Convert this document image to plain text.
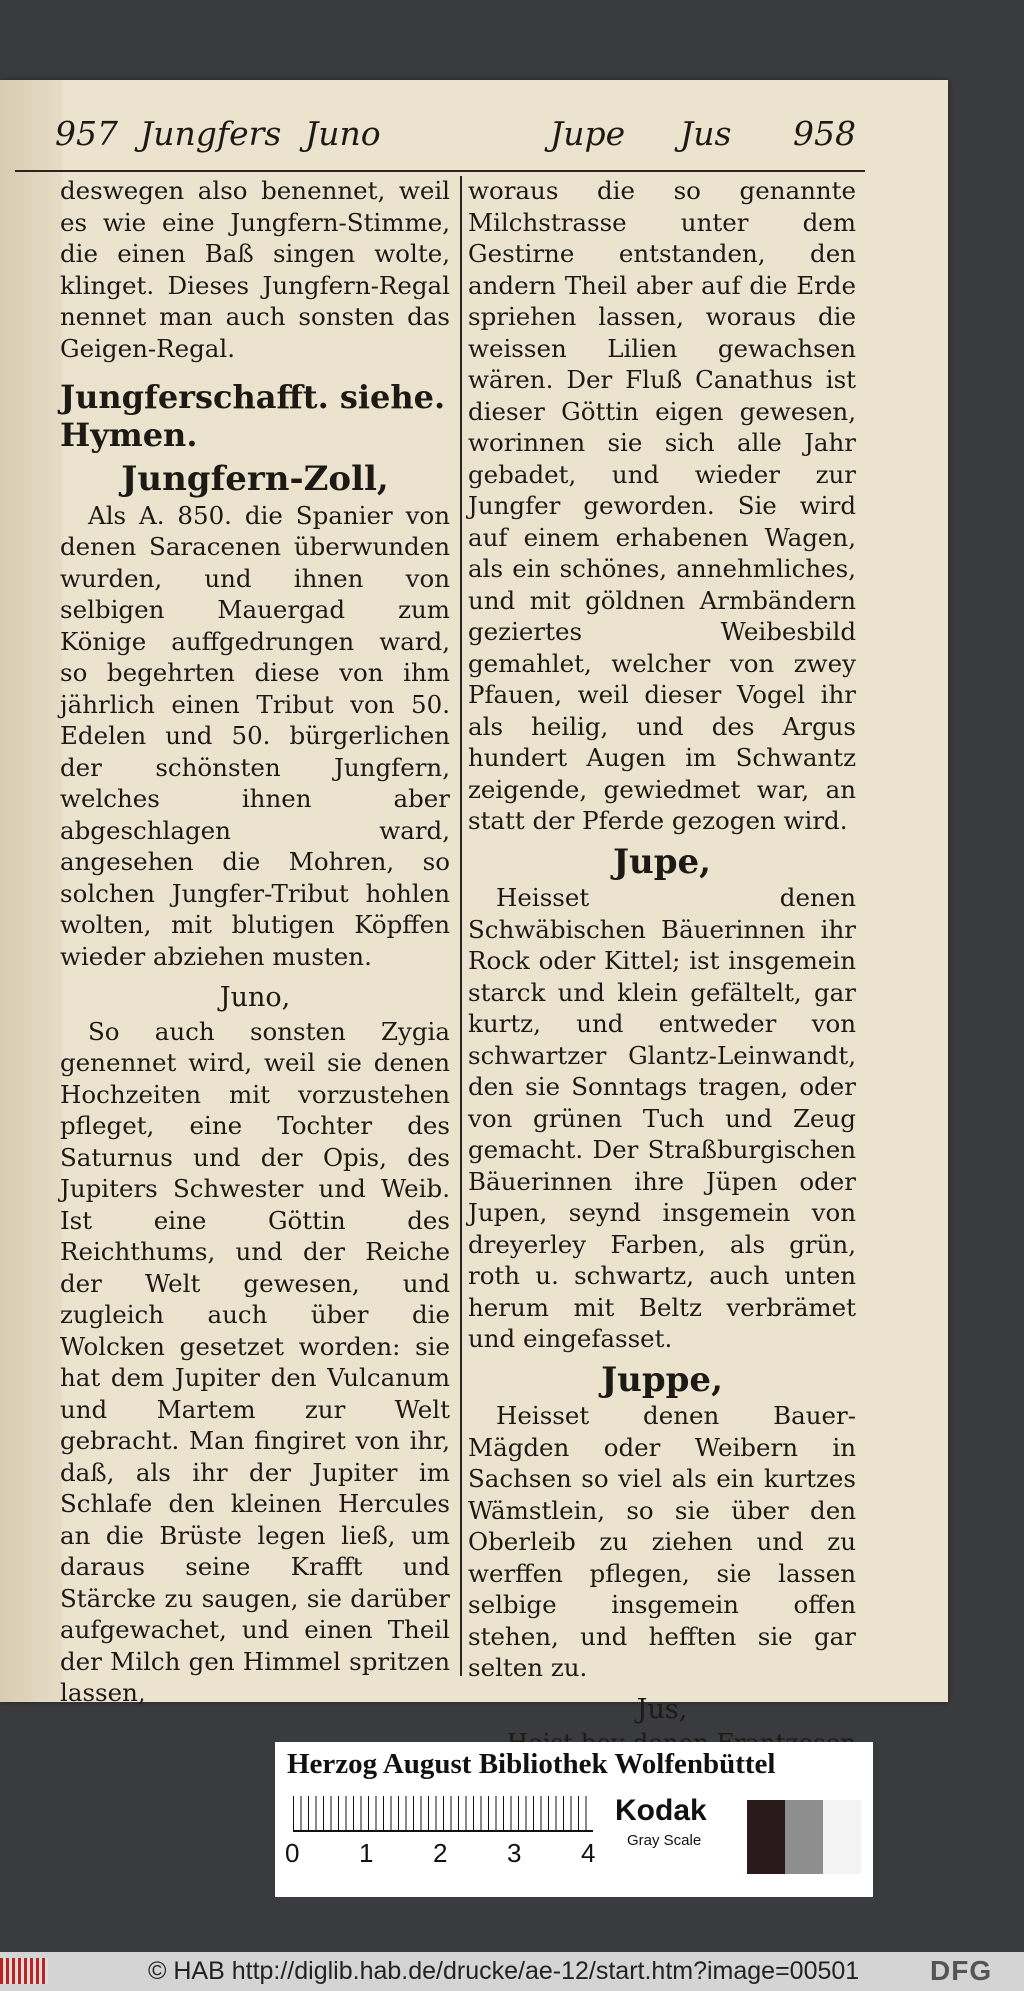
957 Jungfers Juno	Jupe Jus 958

deswegen also benennet, weil es wie eine Jungfern-Stimme, die einen Baß singen wolte, klinget. Dieses Jungfern-Regal nennet man auch sonsten das Geigen-Regal.

Jungferschafft. siehe. Hymen.
Jungfern-Zoll,

Als A. 850. die Spanier von denen Saracenen überwunden wurden, und ihnen von selbigen Mauergad zum Könige auffgedrungen ward, so begehrten diese von ihm jährlich einen Tribut von 50. Edelen und 50. bürgerlichen der schönsten Jungfern, welches ihnen aber abgeschlagen ward, angesehen die Mohren, so solchen Jungfer-Tribut hohlen wolten, mit blutigen Köpffen wieder abziehen musten.

Juno,

So auch sonsten Zygia genennet wird, weil sie denen Hochzeiten mit vorzustehen pfleget, eine Tochter des Saturnus und der Opis, des Jupiters Schwester und Weib. Ist eine Göttin des Reichthums, und der Reiche der Welt gewesen, und zugleich auch über die Wolcken gesetzet worden: sie hat dem Jupiter den Vulcanum und Martem zur Welt gebracht. Man fingiret von ihr, daß, als ihr der Jupiter im Schlafe den kleinen Hercules an die Brüste legen ließ, um daraus seine Krafft und Stärcke zu saugen, sie darüber aufgewachet, und einen Theil der Milch gen Himmel spritzen lassen,

woraus die so genannte Milchstrasse unter dem Gestirne entstanden, den andern Theil aber auf die Erde spriehen lassen, woraus die weissen Lilien gewachsen wären. Der Fluß Canathus ist dieser Göttin eigen gewesen, worinnen sie sich alle Jahr gebadet, und wieder zur Jungfer geworden. Sie wird auf einem erhabenen Wagen, als ein schönes, annehmliches, und mit göldnen Armbändern geziertes Weibesbild gemahlet, welcher von zwey Pfauen, weil dieser Vogel ihr als heilig, und des Argus hundert Augen im Schwantz zeigende, gewiedmet war, an statt der Pferde gezogen wird.

Jupe,

Heisset denen Schwäbischen Bäuerinnen ihr Rock oder Kittel; ist insgemein starck und klein gefältelt, gar kurtz, und entweder von schwartzer Glantz-Leinwandt, den sie Sonntags tragen, oder von grünen Tuch und Zeug gemacht. Der Straßburgischen Bäuerinnen ihre Jüpen oder Jupen, seynd insgemein von dreyerley Farben, als grün, roth u. schwartz, auch unten herum mit Beltz verbrämet und eingefasset.

Juppe,

Heisset denen Bauer-Mägden oder Weibern in Sachsen so viel als ein kurtzes Wämstlein, so sie über den Oberleib zu ziehen und zu werffen pflegen, sie lassen selbige insgemein offen stehen, und hefften sie gar selten zu.

Jus,

Herzog August Bibliothek Wolfenbüttel
0 1 2 3 4
Kodak
Gray Scale
© HAB http://diglib.hab.de/drucke/ae-12/start.htm?image=00501	DFG
